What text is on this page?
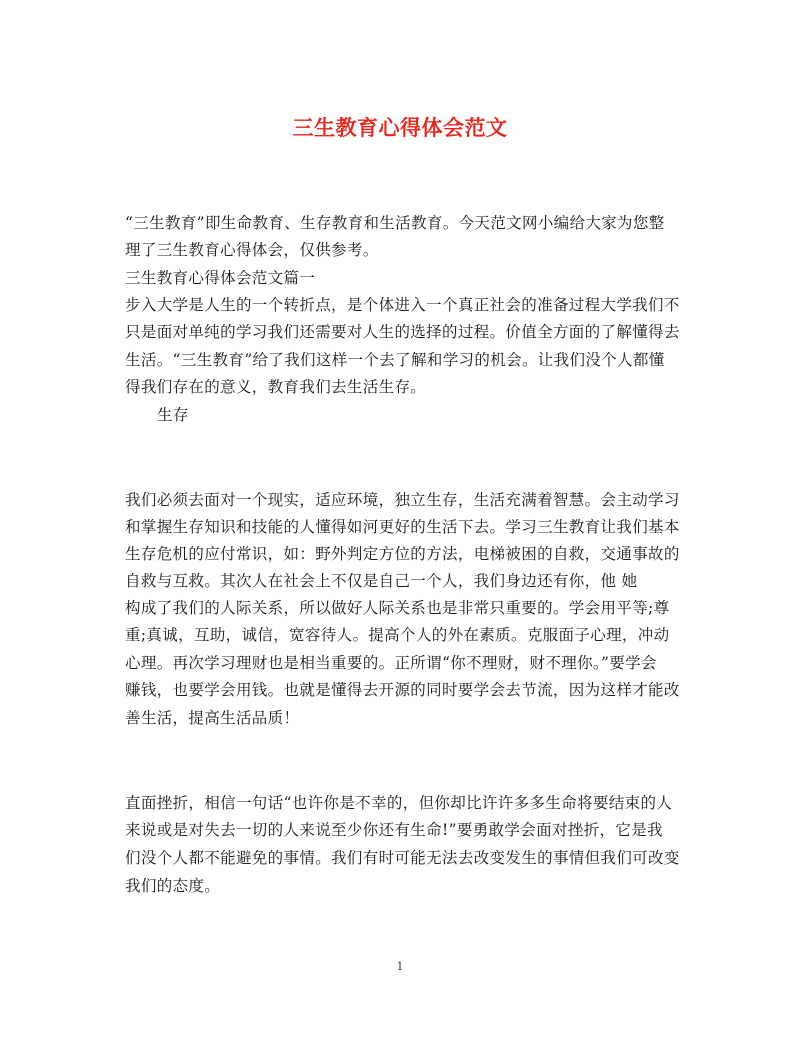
三生教育心得体会范文
“三生教育”即生命教育、生存教育和生活教育。今天范文网小编给大家为您整
理了三生教育心得体会，仅供参考。
三生教育心得体会范文篇一
步入大学是人生的一个转折点，是个体进入一个真正社会的准备过程大学我们不
只是面对单纯的学习我们还需要对人生的选择的过程。价值全方面的了解懂得去
生活。“三生教育”给了我们这样一个去了解和学习的机会。让我们没个人都懂
得我们存在的意义，教育我们去生活生存。
生存
我们必须去面对一个现实，适应环境，独立生存，生活充满着智慧。会主动学习
和掌握生存知识和技能的人懂得如河更好的生活下去。学习三生教育让我们基本
生存危机的应付常识，如：野外判定方位的方法，电梯被困的自救，交通事故的
自救与互救。其次人在社会上不仅是自己一个人，我们身边还有你，他 她
构成了我们的人际关系，所以做好人际关系也是非常只重要的。学会用平等;尊
重;真诚，互助，诚信，宽容待人。提高个人的外在素质。克服面子心理，冲动
心理。再次学习理财也是相当重要的。正所谓“你不理财，财不理你。”要学会
赚钱，也要学会用钱。也就是懂得去开源的同时要学会去节流，因为这样才能改
善生活，提高生活品质！
直面挫折，相信一句话“也许你是不幸的，但你却比许许多多生命将要结束的人
来说或是对失去一切的人来说至少你还有生命!”要勇敢学会面对挫折，它是我
们没个人都不能避免的事情。我们有时可能无法去改变发生的事情但我们可改变
我们的态度。
1
